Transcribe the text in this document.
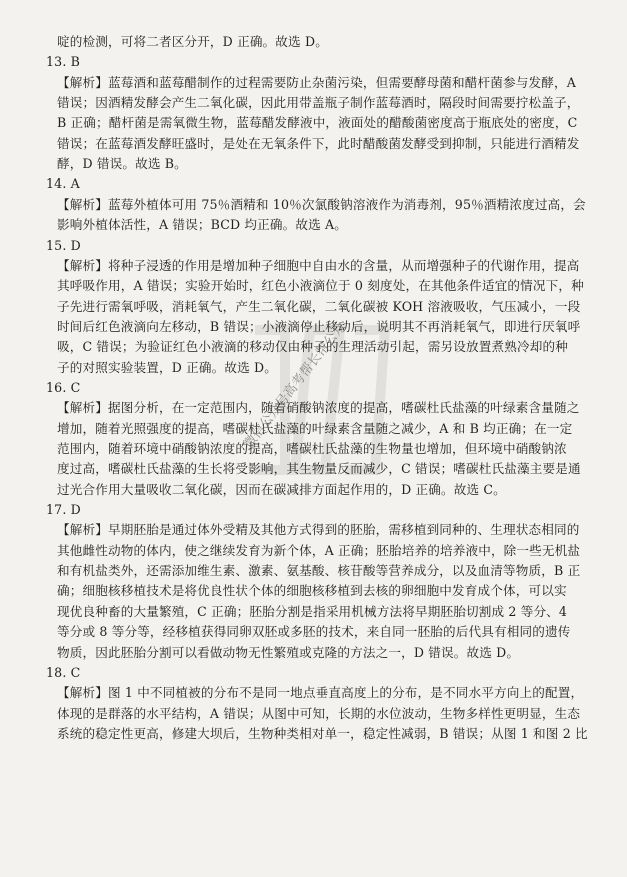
啶的检测，可将二者区分开，D 正确。故选 D。
13. B
【解析】蓝莓酒和蓝莓醋制作的过程需要防止杂菌污染，但需要酵母菌和醋杆菌参与发酵，A
错误；因酒精发酵会产生二氧化碳，因此用带盖瓶子制作蓝莓酒时，隔段时间需要拧松盖子，
B 正确；醋杆菌是需氧微生物，蓝莓醋发酵液中，液面处的醋酸菌密度高于瓶底处的密度，C
错误；在蓝莓酒发酵旺盛时，是处在无氧条件下，此时醋酸菌发酵受到抑制，只能进行酒精发
酵，D 错误。故选 B。
14. A
【解析】蓝莓外植体可用 75％酒精和 10％次氯酸钠溶液作为消毒剂，95％酒精浓度过高，会
影响外植体活性，A 错误；BCD 均正确。故选 A。
15. D
【解析】将种子浸透的作用是增加种子细胞中自由水的含量，从而增强种子的代谢作用，提高
其呼吸作用，A 错误；实验开始时，红色小液滴位于 0 刻度处，在其他条件适宜的情况下，种
子先进行需氧呼吸，消耗氧气，产生二氧化碳，二氧化碳被 KOH 溶液吸收，气压减小，一段
时间后红色液滴向左移动，B 错误；小液滴停止移动后，说明其不再消耗氧气，即进行厌氧呼
吸，C 错误；为验证红色小液滴的移动仅由种子的生理活动引起，需另设放置煮熟冷却的种
子的对照实验装置，D 正确。故选 D。
16. C
【解析】据图分析，在一定范围内，随着硝酸钠浓度的提高，嗜碳杜氏盐藻的叶绿素含量随之
增加，随着光照强度的提高，嗜碳杜氏盐藻的叶绿素含量随之减少，A 和 B 均正确；在一定
范围内，随着环境中硝酸钠浓度的提高，嗜碳杜氏盐藻的生物量也增加，但环境中硝酸钠浓
度过高，嗜碳杜氏盐藻的生长将受影响，其生物量反而减少，C 错误；嗜碳杜氏盐藻主要是通
过光合作用大量吸收二氧化碳，因而在碳减排方面起作用的，D 正确。故选 C。
17. D
【解析】早期胚胎是通过体外受精及其他方式得到的胚胎，需移植到同种的、生理状态相同的
其他雌性动物的体内，使之继续发育为新个体，A 正确；胚胎培养的培养液中，除一些无机盐
和有机盐类外，还需添加维生素、激素、氨基酸、核苷酸等营养成分，以及血清等物质，B 正
确；细胞核移植技术是将优良性状个体的细胞核移植到去核的卵细胞中发育成个体，可以实
现优良种畜的大量繁殖，C 正确；胚胎分割是指采用机械方法将早期胚胎切割成 2 等分、4
等分或 8 等分等，经移植获得同卵双胚或多胚的技术，来自同一胚胎的后代具有相同的遗传
物质，因此胚胎分割可以看做动物无性繁殖或克隆的方法之一，D 错误。故选 D。
18. C
【解析】图 1 中不同植被的分布不是同一地点垂直高度上的分布，是不同水平方向上的配置，
体现的是群落的水平结构，A 错误；从图中可知，长期的水位波动，生物多样性更明显，生态
系统的稳定性更高，修建大坝后，生物种类相对单一，稳定性减弱，B 错误；从图 1 和图 2 比
微信公众号高考帮长帮公众
